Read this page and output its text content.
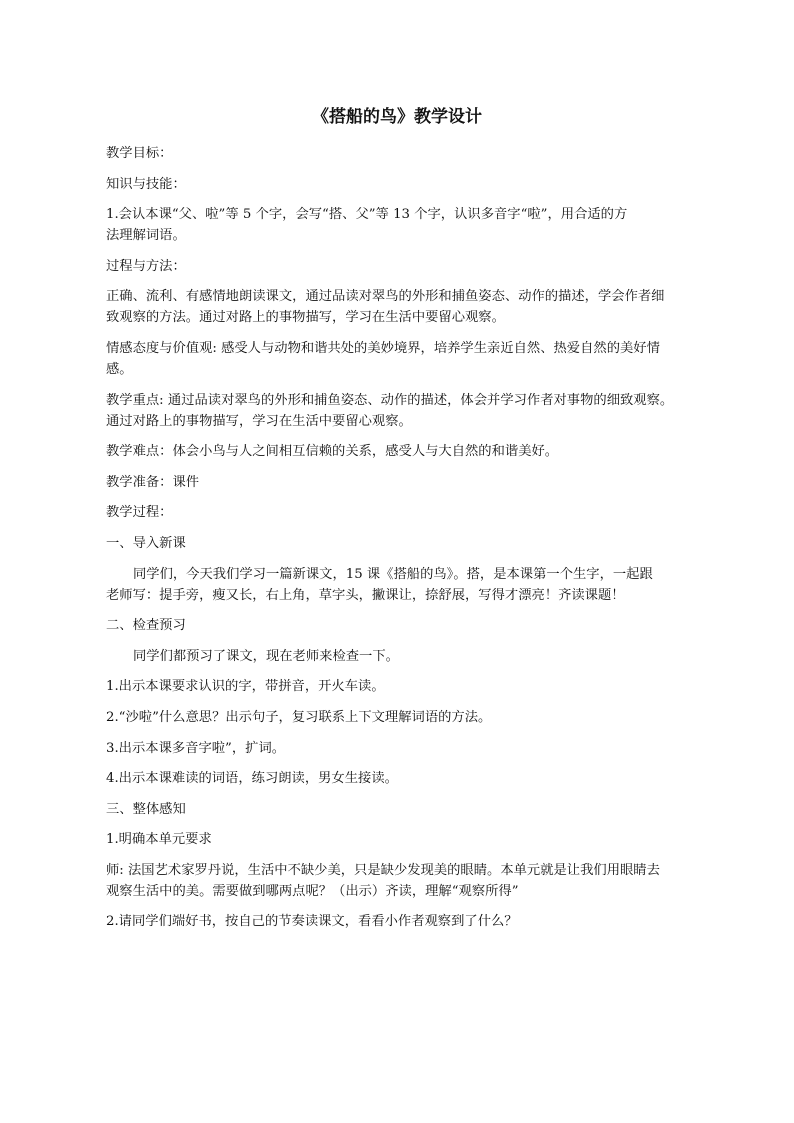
《搭船的鸟》教学设计
教学目标：
知识与技能：
1.会认本课“父、啦”等 5 个字，会写“搭、父”等 13 个字，认识多音字“啦”，用合适的方
法理解词语。
过程与方法：
正确、流利、有感情地朗读课文，通过品读对翠鸟的外形和捕鱼姿态、动作的描述，学会作者细
致观察的方法。通过对路上的事物描写，学习在生活中要留心观察。
情感态度与价值观: 感受人与动物和谐共处的美妙境界，培养学生亲近自然、热爱自然的美好情
感。
教学重点: 通过品读对翠鸟的外形和捕鱼姿态、动作的描述，体会并学习作者对事物的细致观察。
通过对路上的事物描写，学习在生活中要留心观察。
教学难点：体会小鸟与人之间相互信赖的关系，感受人与大自然的和谐美好。
教学准备：课件
教学过程：
一、导入新课
同学们，今天我们学习一篇新课文，15 课《搭船的鸟》。搭，是本课第一个生字，一起跟
老师写：提手旁，瘦又长，右上角，草字头，撇课让，捺舒展，写得才漂亮！齐读课题！
二、检查预习
同学们都预习了课文，现在老师来检查一下。
1.出示本课要求认识的字，带拼音，开火车读。
2.“沙啦”什么意思？出示句子，复习联系上下文理解词语的方法。
3.出示本课多音字啦”，扩词。
4.出示本课难读的词语，练习朗读，男女生接读。
三、整体感知
1.明确本单元要求
师: 法国艺术家罗丹说，生活中不缺少美，只是缺少发现美的眼睛。本单元就是让我们用眼睛去
观察生活中的美。需要做到哪两点呢？（出示）齐读，理解“观察所得”
2.请同学们端好书，按自己的节奏读课文，看看小作者观察到了什么？
